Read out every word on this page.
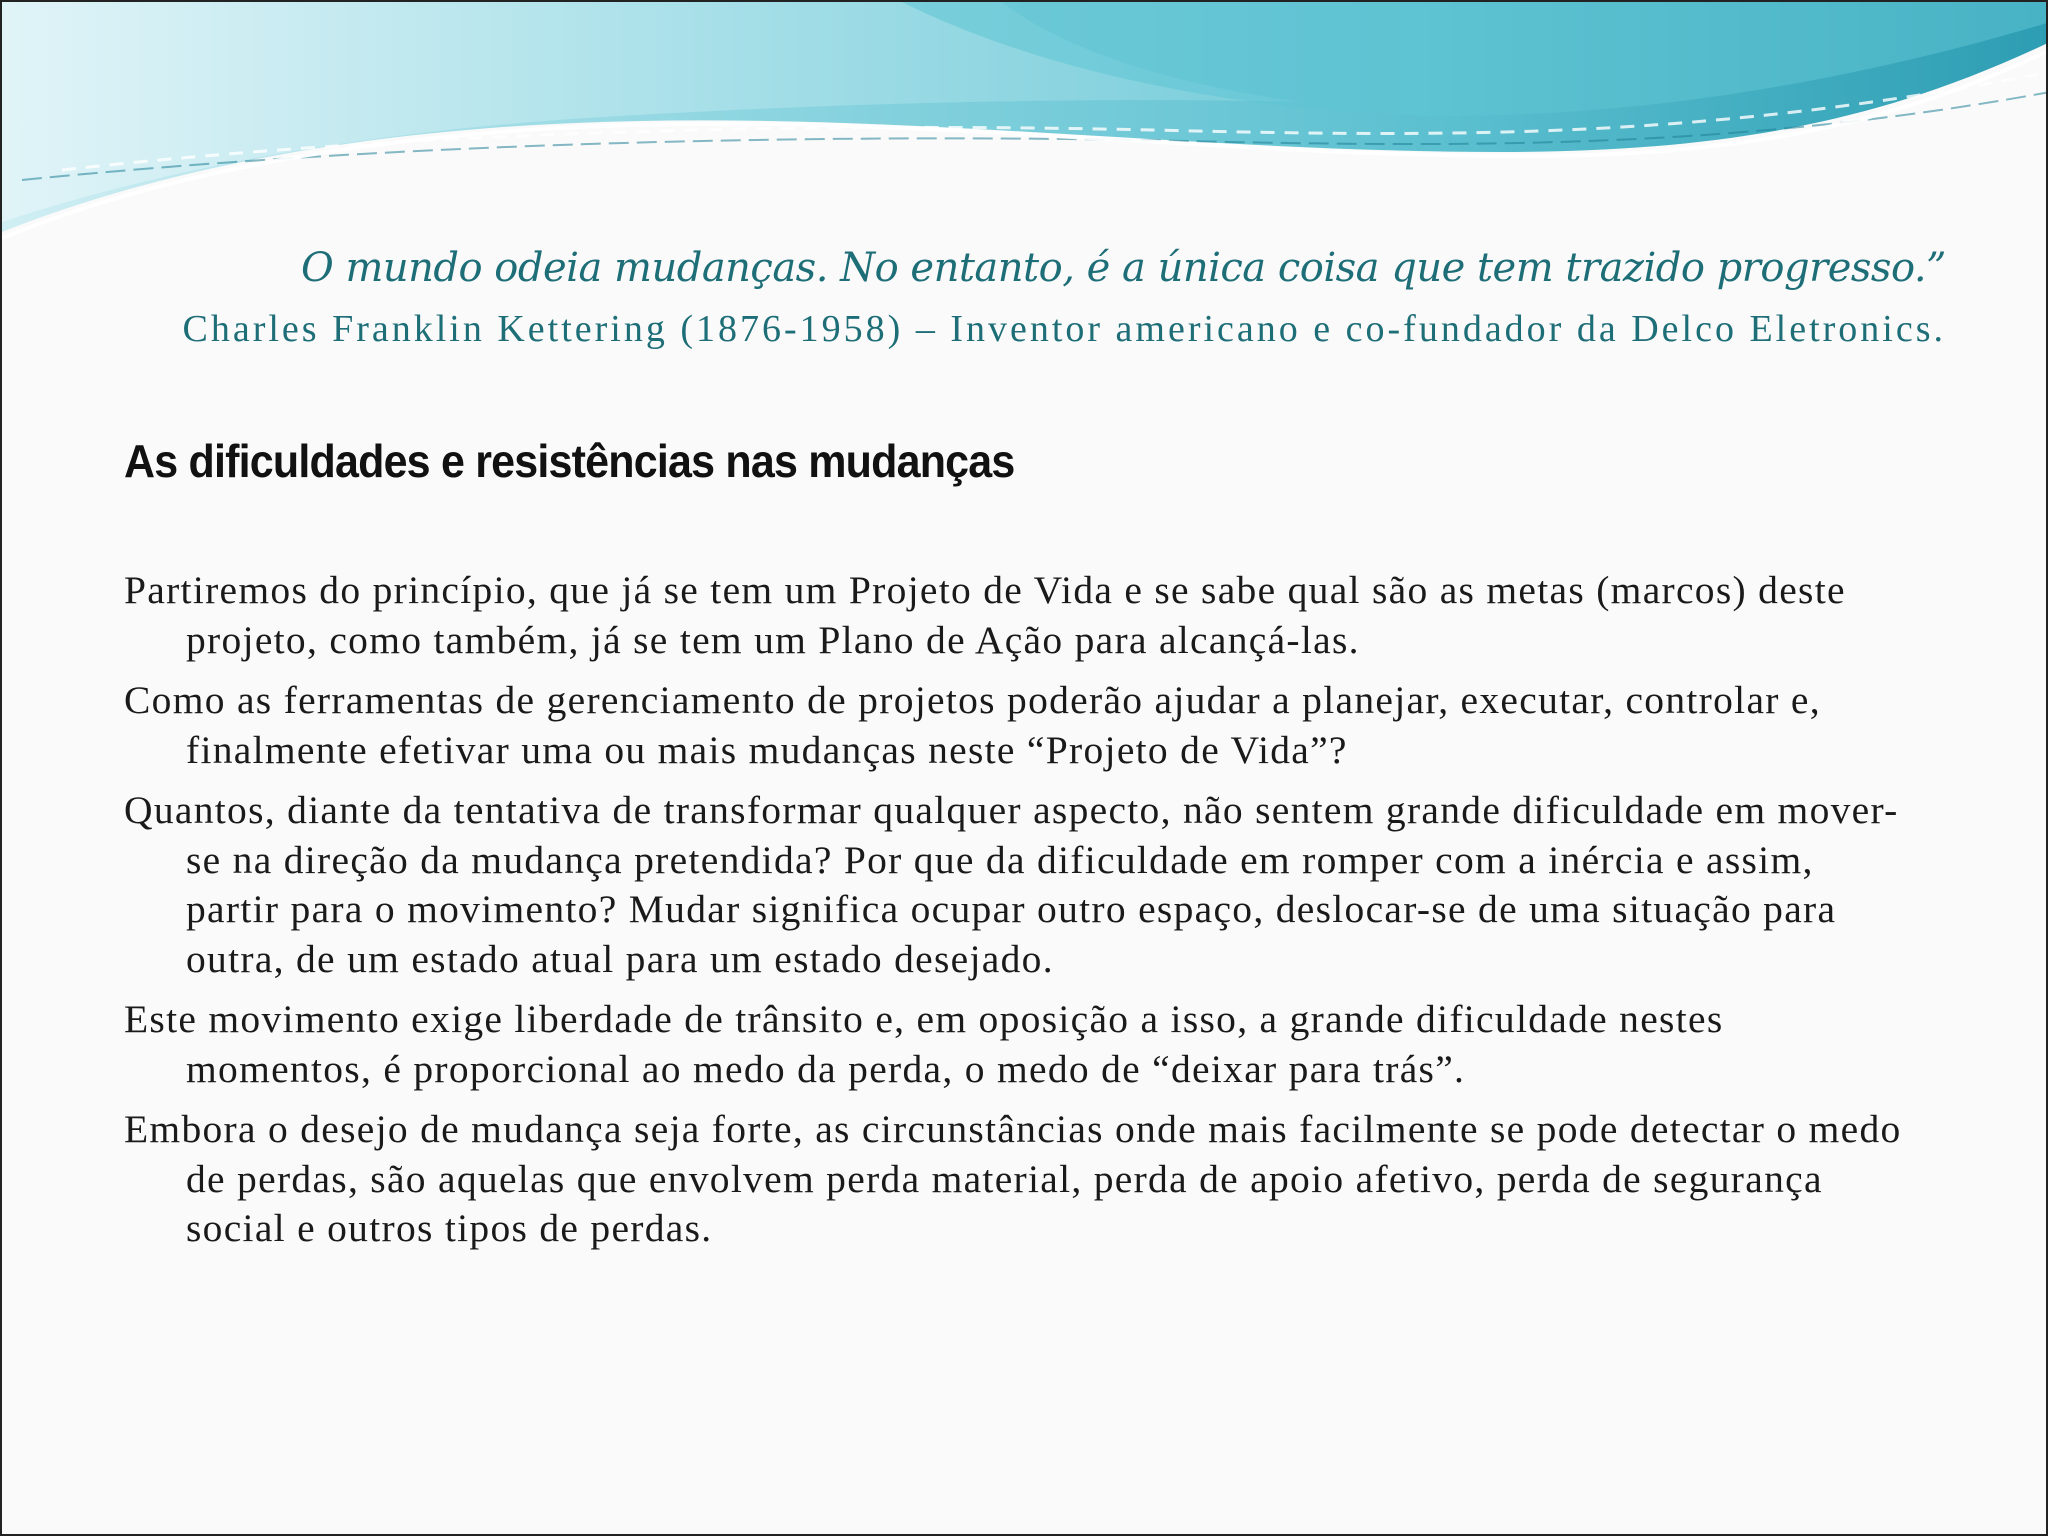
O mundo odeia mudanças. No entanto, é a única coisa que tem trazido progresso.”

Charles Franklin Kettering (1876-1958) – Inventor americano e co-fundador da Delco Eletronics.

As dificuldades e resistências nas mudanças
Partiremos do princípio, que já se tem um Projeto de Vida e se sabe qual são as metas (marcos) deste projeto, como também, já se tem um Plano de Ação para alcançá-las.
Como as ferramentas de gerenciamento de projetos poderão ajudar a planejar, executar, controlar e, finalmente efetivar uma ou mais mudanças neste “Projeto de Vida”?
Quantos, diante da tentativa de transformar qualquer aspecto, não sentem grande dificuldade em mover-se na direção da mudança pretendida? Por que da dificuldade em romper com a inércia e assim, partir para o movimento? Mudar significa ocupar outro espaço, deslocar-se de uma situação para outra, de um estado atual para um estado desejado.
Este movimento exige liberdade de trânsito e, em oposição a isso, a grande dificuldade nestes momentos, é proporcional ao medo da perda, o medo de “deixar para trás”.
Embora o desejo de mudança seja forte, as circunstâncias onde mais facilmente se pode detectar o medo de perdas, são aquelas que envolvem perda material, perda de apoio afetivo, perda de segurança social e outros tipos de perdas.
